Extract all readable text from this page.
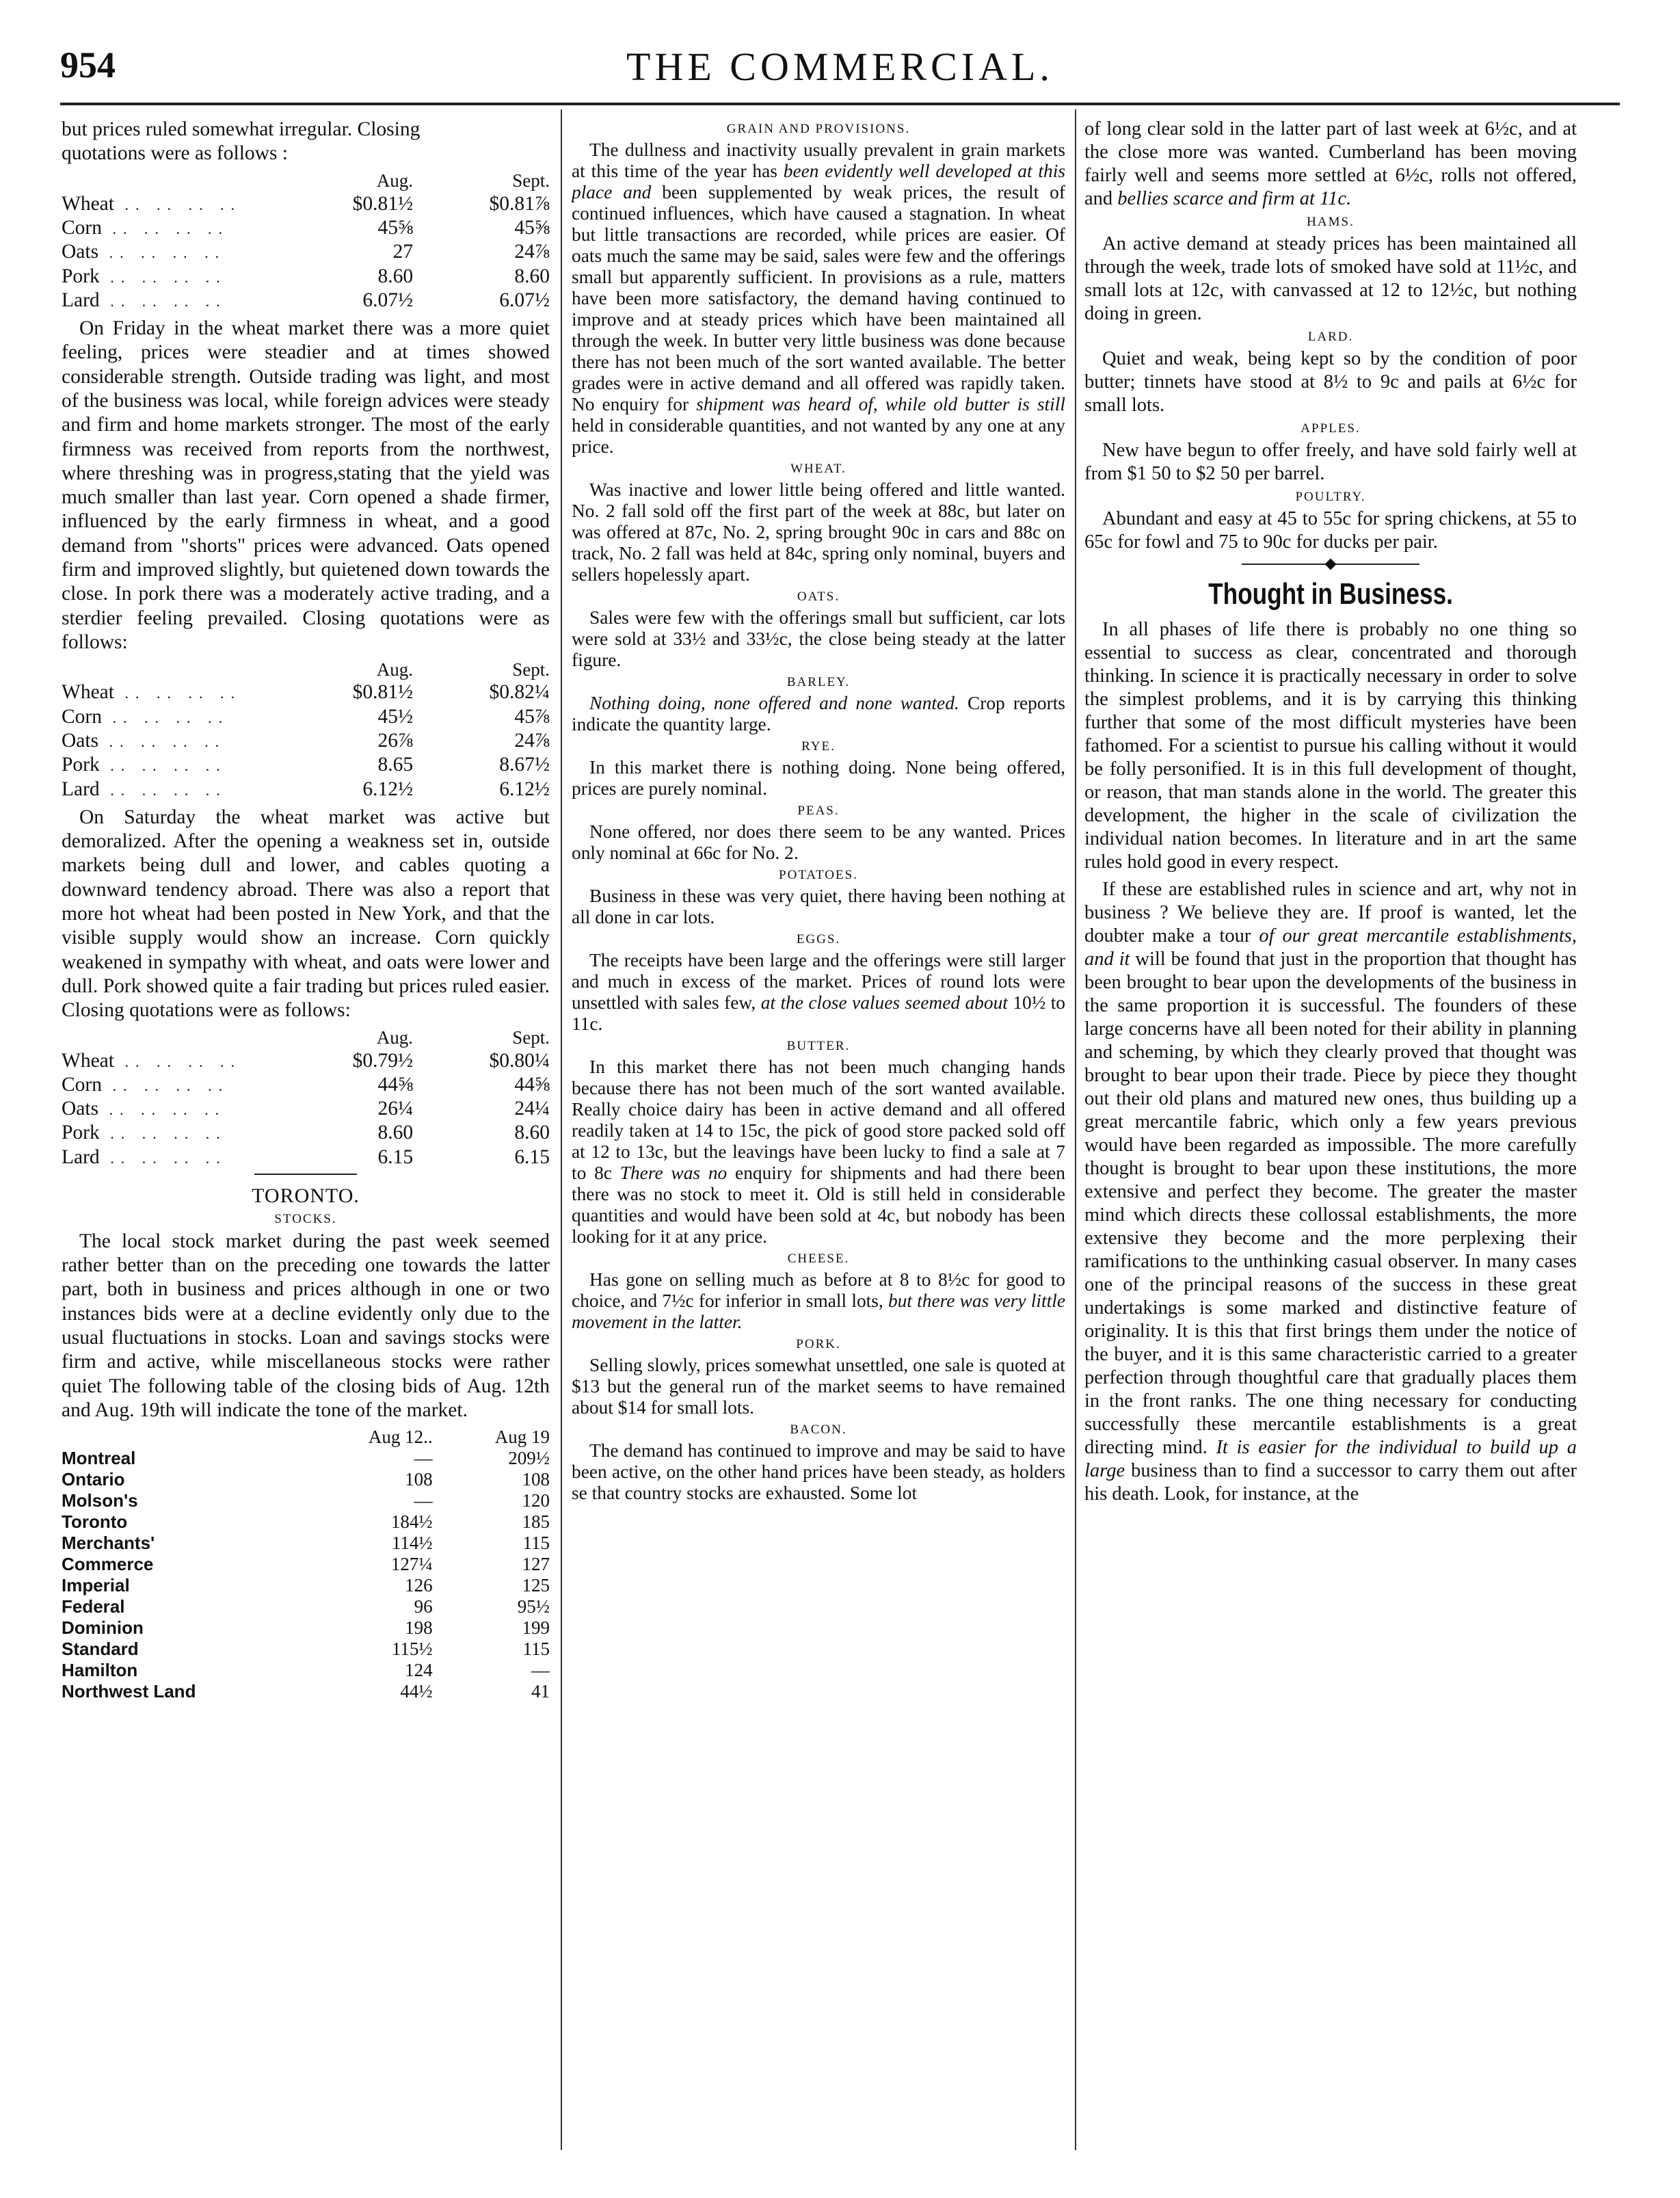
954	THE COMMERCIAL.

but prices ruled somewhat irregular. Closing

quotations were as follows :

	Aug.	Sept.
Wheat .. .. .. ..	$0.81½	$0.81⅞
Corn .. .. .. ..	45⅝	45⅝
Oats .. .. .. ..	27	24⅞
Pork .. .. .. ..	8.60	8.60
Lard .. .. .. ..	6.07½	6.07½

On Friday in the wheat market there was a more quiet feeling, prices were steadier and at times showed considerable strength. Outside trading was light, and most of the business was local, while foreign advices were steady and firm and home markets stronger. The most of the early firmness was received from reports from the northwest, where threshing was in progress,stating that the yield was much smaller than last year. Corn opened a shade firmer, influenced by the early firmness in wheat, and a good demand from "shorts" prices were advanced. Oats opened firm and improved slightly, but quietened down towards the close. In pork there was a moderately active trading, and a sterdier feeling prevailed. Closing quotations were as follows:

	Aug.	Sept.
Wheat .. .. .. ..	$0.81½	$0.82¼
Corn .. .. .. ..	45½	45⅞
Oats .. .. .. ..	26⅞	24⅞
Pork .. .. .. ..	8.65	8.67½
Lard .. .. .. ..	6.12½	6.12½

On Saturday the wheat market was active but demoralized. After the opening a weakness set in, outside markets being dull and lower, and cables quoting a downward tendency abroad. There was also a report that more hot wheat had been posted in New York, and that the visible supply would show an increase. Corn quickly weakened in sympathy with wheat, and oats were lower and dull. Pork showed quite a fair trading but prices ruled easier. Closing quotations were as follows:

	Aug.	Sept.
Wheat .. .. .. ..	$0.79½	$0.80¼
Corn .. .. .. ..	44⅝	44⅝
Oats .. .. .. ..	26¼	24¼
Pork .. .. .. ..	8.60	8.60
Lard .. .. .. ..	6.15	6.15
TORONTO.
STOCKS.

The local stock market during the past week seemed rather better than on the preceding one towards the latter part, both in business and prices although in one or two instances bids were at a decline evidently only due to the usual fluctuations in stocks. Loan and savings stocks were firm and active, while miscellaneous stocks were rather quiet The following table of the closing bids of Aug. 12th and Aug. 19th will indicate the tone of the market.

	Aug 12..	Aug 19
Montreal	—	209½
Ontario	108	108
Molson's	—	120
Toronto	184½	185
Merchants'	114½	115
Commerce	127¼	127
Imperial	126	125
Federal	96	95½
Dominion	198	199
Standard	115½	115
Hamilton	124	—
Northwest Land	44½	41
GRAIN AND PROVISIONS.

The dullness and inactivity usually prevalent in grain markets at this time of the year has been evidently well developed at this place and been supplemented by weak prices, the result of continued influences, which have caused a stagnation. In wheat but little transactions are recorded, while prices are easier. Of oats much the same may be said, sales were few and the offerings small but apparently sufficient. In provisions as a rule, matters have been more satisfactory, the demand having continued to improve and at steady prices which have been maintained all through the week. In butter very little business was done because there has not been much of the sort wanted available. The better grades were in active demand and all offered was rapidly taken. No enquiry for shipment was heard of, while old butter is still held in considerable quantities, and not wanted by any one at any price.

WHEAT.

Was inactive and lower little being offered and little wanted. No. 2 fall sold off the first part of the week at 88c, but later on was offered at 87c, No. 2, spring brought 90c in cars and 88c on track, No. 2 fall was held at 84c, spring only nominal, buyers and sellers hopelessly apart.

OATS.

Sales were few with the offerings small but sufficient, car lots were sold at 33½ and 33½c, the close being steady at the latter figure.

BARLEY.

Nothing doing, none offered and none wanted. Crop reports indicate the quantity large.

RYE.

In this market there is nothing doing. None being offered, prices are purely nominal.

PEAS.

None offered, nor does there seem to be any wanted. Prices only nominal at 66c for No. 2.

POTATOES.

Business in these was very quiet, there having been nothing at all done in car lots.

EGGS.

The receipts have been large and the offerings were still larger and much in excess of the market. Prices of round lots were unsettled with sales few, at the close values seemed about 10½ to 11c.

BUTTER.

In this market there has not been much changing hands because there has not been much of the sort wanted available. Really choice dairy has been in active demand and all offered readily taken at 14 to 15c, the pick of good store packed sold off at 12 to 13c, but the leavings have been lucky to find a sale at 7 to 8c There was no enquiry for shipments and had there been there was no stock to meet it. Old is still held in considerable quantities and would have been sold at 4c, but nobody has been looking for it at any price.

CHEESE.

Has gone on selling much as before at 8 to 8½c for good to choice, and 7½c for inferior in small lots, but there was very little movement in the latter.

PORK.

Selling slowly, prices somewhat unsettled, one sale is quoted at $13 but the general run of the market seems to have remained about $14 for small lots.

BACON.

The demand has continued to improve and may be said to have been active, on the other hand prices have been steady, as holders se that country stocks are exhausted. Some lot

of long clear sold in the latter part of last week at 6½c, and at the close more was wanted. Cumberland has been moving fairly well and seems more settled at 6½c, rolls not offered, and bellies scarce and firm at 11c.

HAMS.

An active demand at steady prices has been maintained all through the week, trade lots of smoked have sold at 11½c, and small lots at 12c, with canvassed at 12 to 12½c, but nothing doing in green.

LARD.

Quiet and weak, being kept so by the condition of poor butter; tinnets have stood at 8½ to 9c and pails at 6½c for small lots.

APPLES.

New have begun to offer freely, and have sold fairly well at from $1 50 to $2 50 per barrel.

POULTRY.

Abundant and easy at 45 to 55c for spring chickens, at 55 to 65c for fowl and 75 to 90c for ducks per pair.

Thought in Business.

In all phases of life there is probably no one thing so essential to success as clear, concentrated and thorough thinking. In science it is practically necessary in order to solve the simplest problems, and it is by carrying this thinking further that some of the most difficult mysteries have been fathomed. For a scientist to pursue his calling without it would be folly personified. It is in this full development of thought, or reason, that man stands alone in the world. The greater this development, the higher in the scale of civilization the individual nation becomes. In literature and in art the same rules hold good in every respect.

If these are established rules in science and art, why not in business ? We believe they are. If proof is wanted, let the doubter make a tour of our great mercantile establishments, and it will be found that just in the proportion that thought has been brought to bear upon the developments of the business in the same proportion it is successful. The founders of these large concerns have all been noted for their ability in planning and scheming, by which they clearly proved that thought was brought to bear upon their trade. Piece by piece they thought out their old plans and matured new ones, thus building up a great mercantile fabric, which only a few years previous would have been regarded as impossible. The more carefully thought is brought to bear upon these institutions, the more extensive and perfect they become. The greater the master mind which directs these collossal establishments, the more extensive they become and the more perplexing their ramifications to the unthinking casual observer. In many cases one of the principal reasons of the success in these great undertakings is some marked and distinctive feature of originality. It is this that first brings them under the notice of the buyer, and it is this same characteristic carried to a greater perfection through thoughtful care that gradually places them in the front ranks. The one thing necessary for conducting successfully these mercantile establishments is a great directing mind. It is easier for the individual to build up a large business than to find a successor to carry them out after his death. Look, for instance, at the
